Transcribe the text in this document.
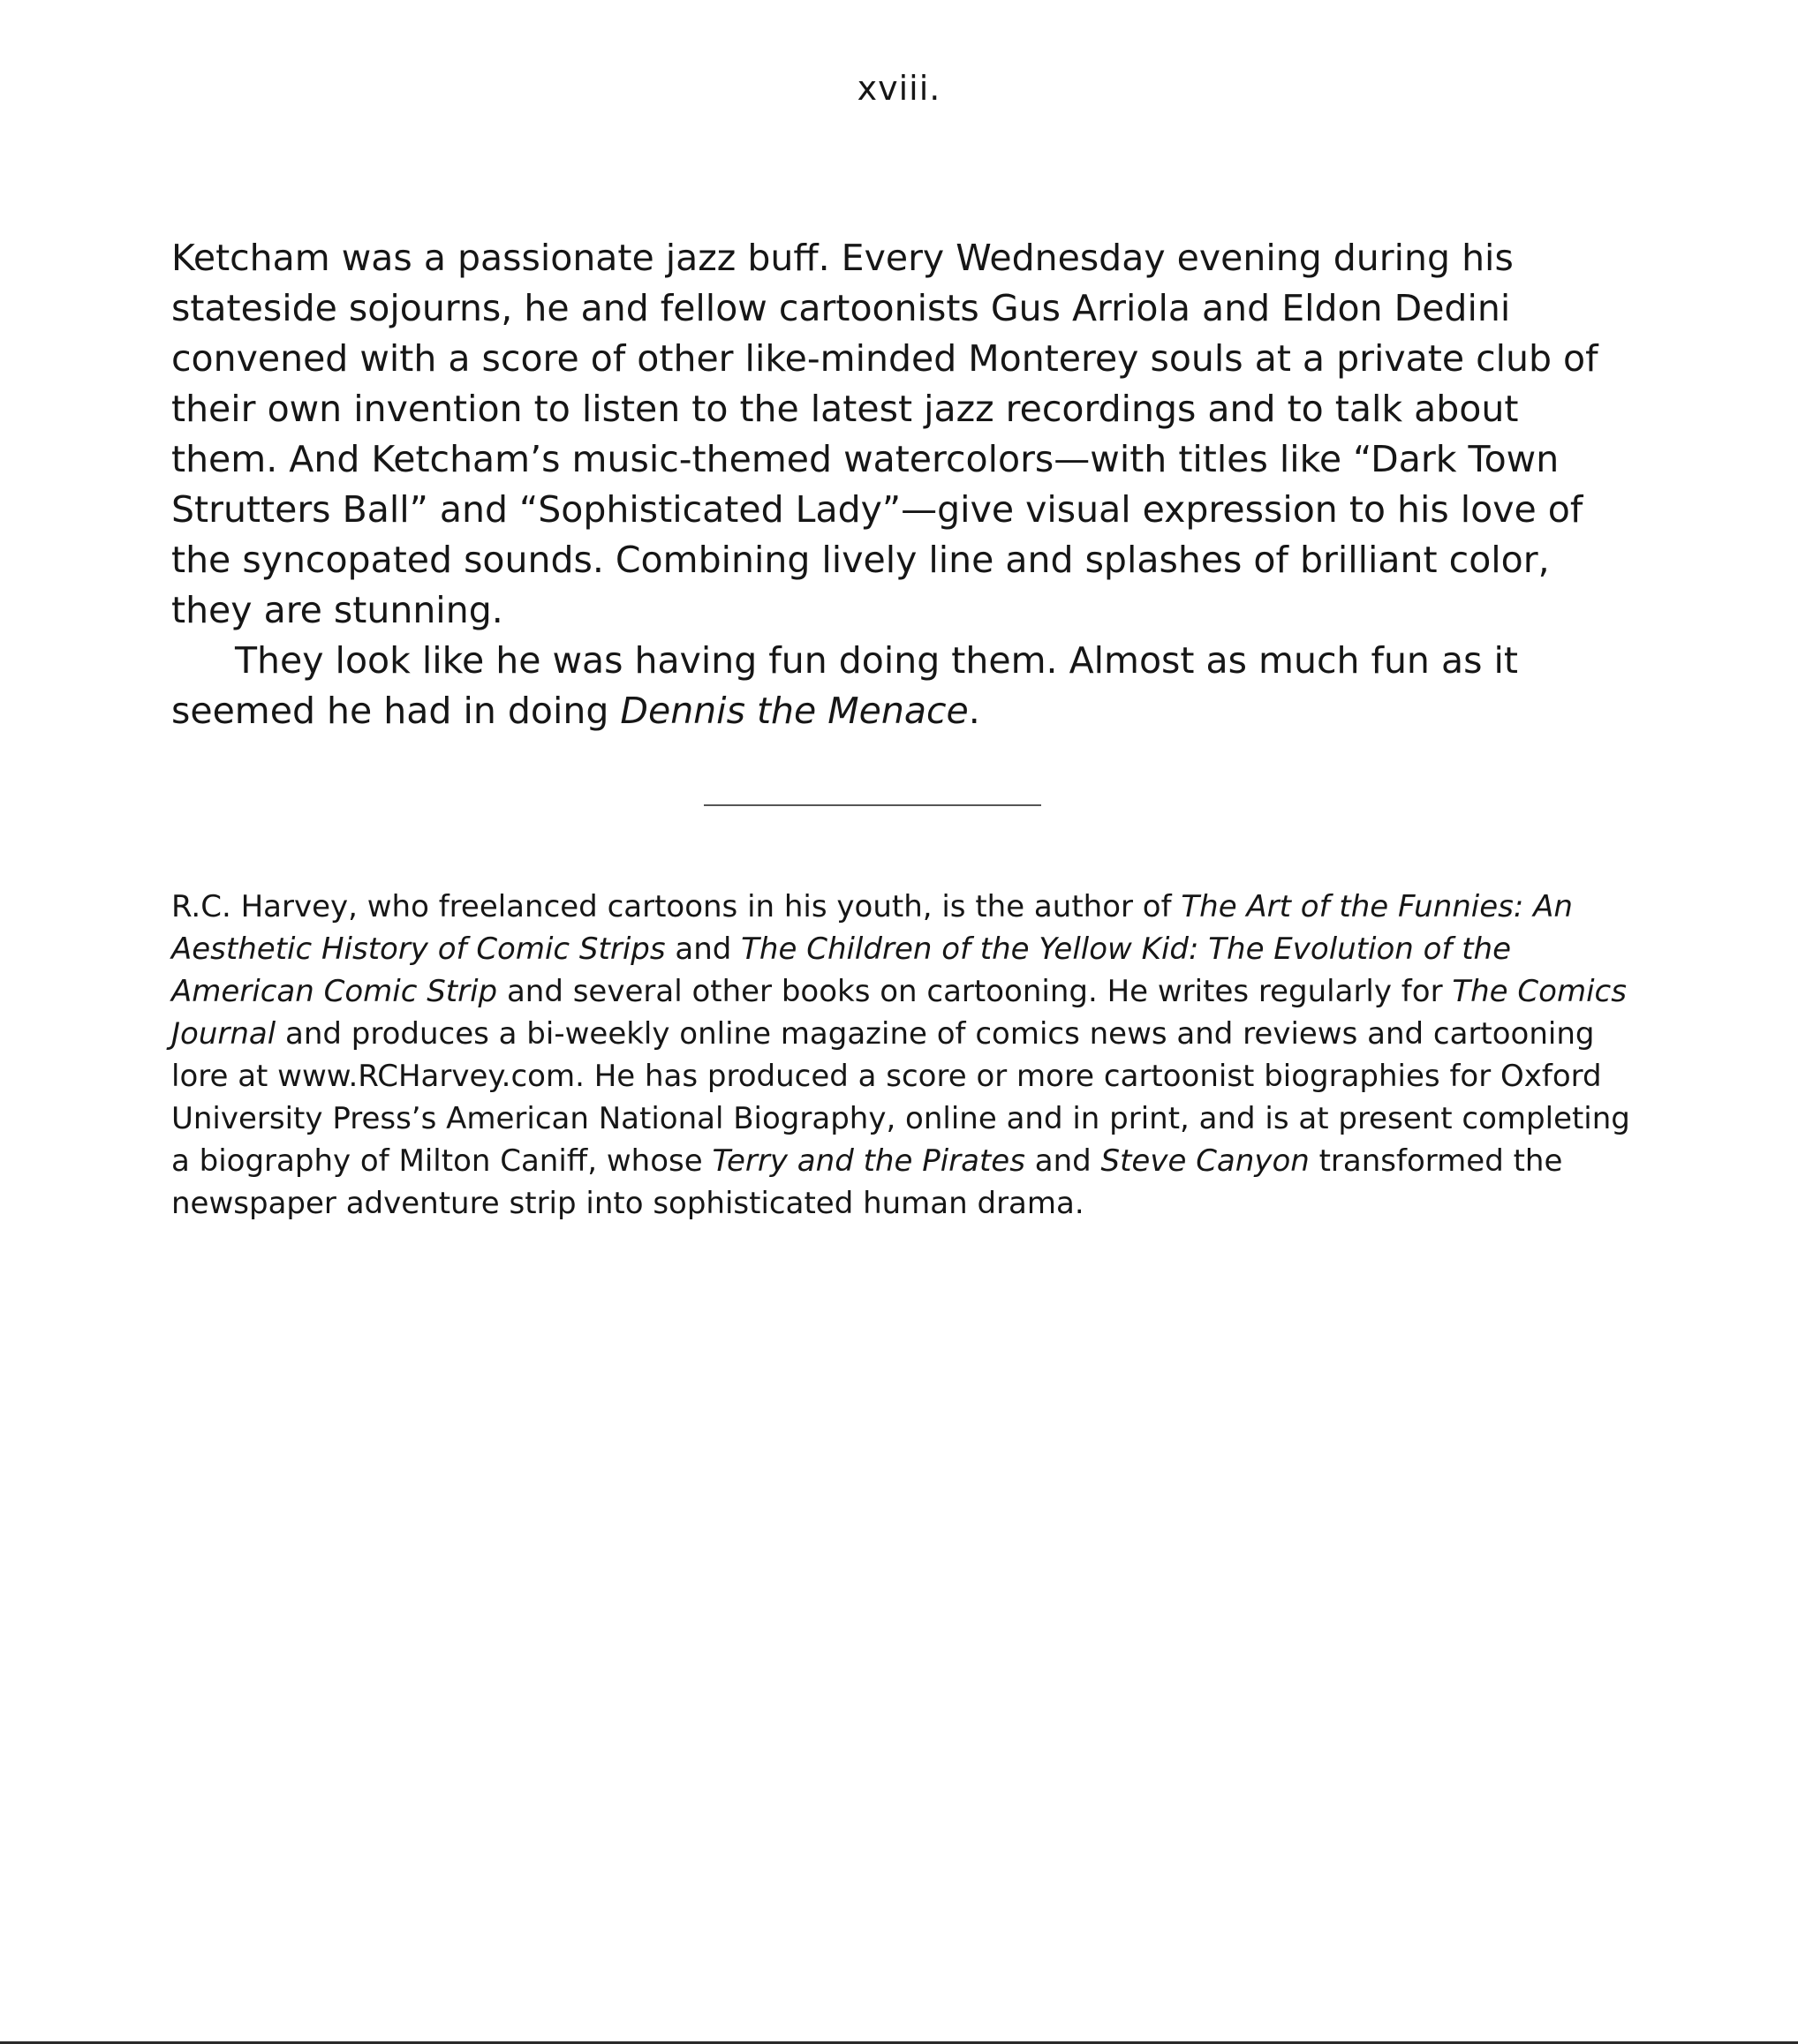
xviii.

Ketcham was a passionate jazz buff. Every Wednesday evening during his stateside sojourns, he and fellow cartoonists Gus Arriola and Eldon Dedini convened with a score of other like-minded Monterey souls at a private club of their own invention to listen to the latest jazz recordings and to talk about them. And Ketcham’s music-themed watercolors—with titles like “Dark Town Strutters Ball” and “Sophisticated Lady”—give visual expression to his love of the syncopated sounds. Combining lively line and splashes of brilliant color, they are stunning.

They look like he was having fun doing them. Almost as much fun as it seemed he had in doing Dennis the Menace.

R.C. Harvey, who freelanced cartoons in his youth, is the author of The Art of the Funnies: An Aesthetic History of Comic Strips and The Children of the Yellow Kid: The Evolution of the American Comic Strip and several other books on cartooning. He writes regularly for The Comics Journal and produces a bi-weekly online magazine of comics news and reviews and cartooning lore at www.RCHarvey.com. He has produced a score or more cartoonist biographies for Oxford University Press’s American National Biography, online and in print, and is at present completing a biography of Milton Caniff, whose Terry and the Pirates and Steve Canyon transformed the newspaper adventure strip into sophisticated human drama.
